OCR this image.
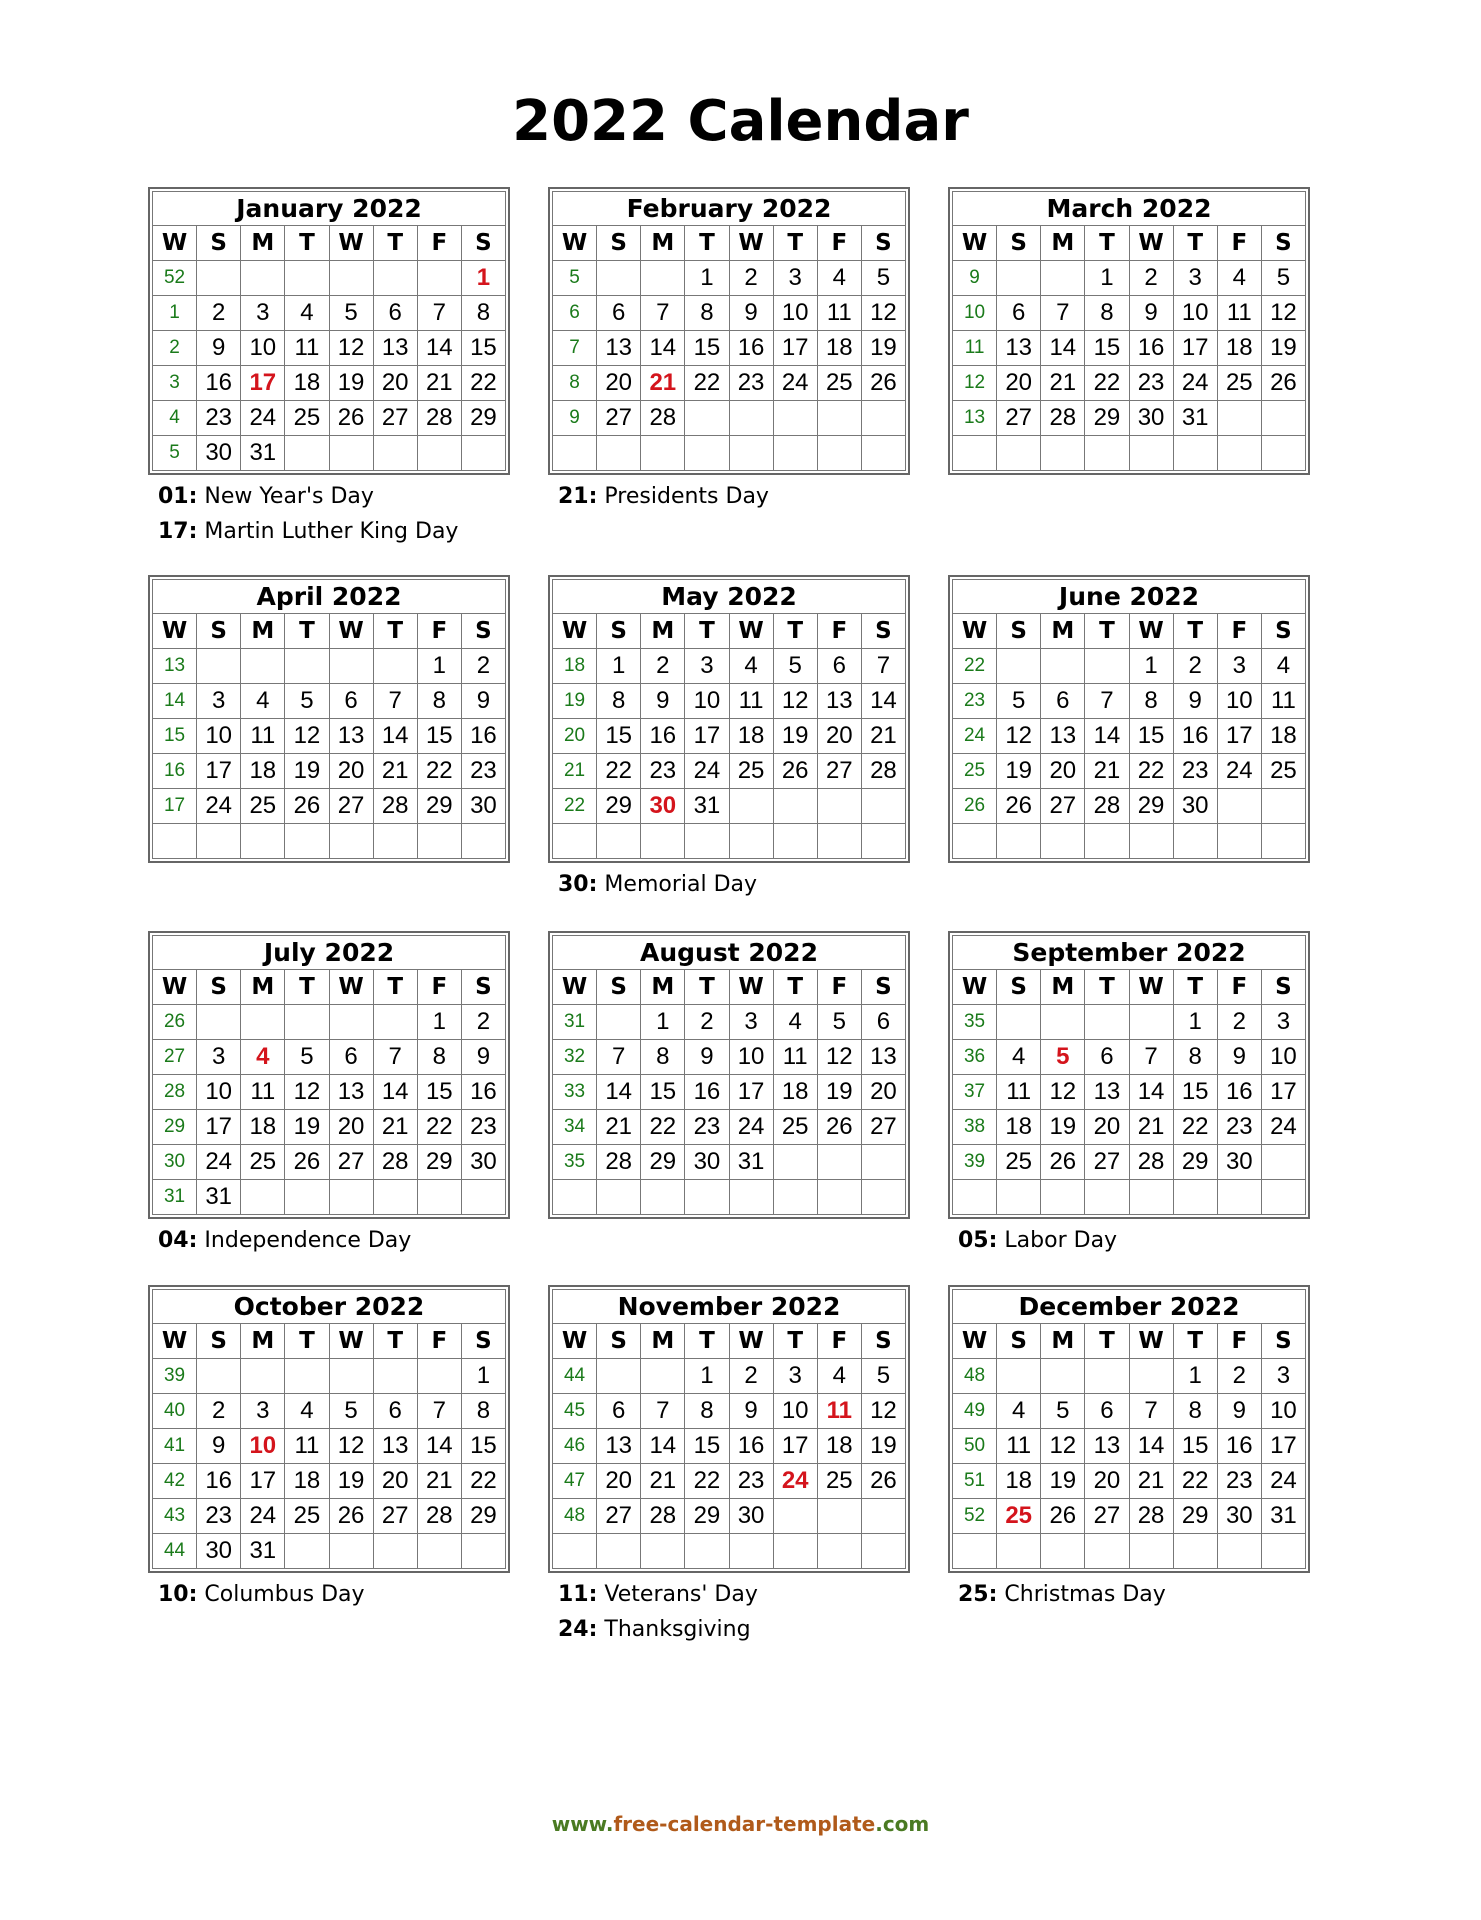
2022 Calendar
January 2022							
W	S	M	T	W	T	F	S
52							1
1	2	3	4	5	6	7	8
2	9	10	11	12	13	14	15
3	16	17	18	19	20	21	22
4	23	24	25	26	27	28	29
5	30	31					
01: New Year's Day
17: Martin Luther King Day
February 2022							
W	S	M	T	W	T	F	S
5			1	2	3	4	5
6	6	7	8	9	10	11	12
7	13	14	15	16	17	18	19
8	20	21	22	23	24	25	26
9	27	28					

21: Presidents Day
March 2022							
W	S	M	T	W	T	F	S
9			1	2	3	4	5
10	6	7	8	9	10	11	12
11	13	14	15	16	17	18	19
12	20	21	22	23	24	25	26
13	27	28	29	30	31		

April 2022							
W	S	M	T	W	T	F	S
13						1	2
14	3	4	5	6	7	8	9
15	10	11	12	13	14	15	16
16	17	18	19	20	21	22	23
17	24	25	26	27	28	29	30

May 2022							
W	S	M	T	W	T	F	S
18	1	2	3	4	5	6	7
19	8	9	10	11	12	13	14
20	15	16	17	18	19	20	21
21	22	23	24	25	26	27	28
22	29	30	31				

30: Memorial Day
June 2022							
W	S	M	T	W	T	F	S
22				1	2	3	4
23	5	6	7	8	9	10	11
24	12	13	14	15	16	17	18
25	19	20	21	22	23	24	25
26	26	27	28	29	30		

July 2022							
W	S	M	T	W	T	F	S
26						1	2
27	3	4	5	6	7	8	9
28	10	11	12	13	14	15	16
29	17	18	19	20	21	22	23
30	24	25	26	27	28	29	30
31	31						
04: Independence Day
August 2022							
W	S	M	T	W	T	F	S
31		1	2	3	4	5	6
32	7	8	9	10	11	12	13
33	14	15	16	17	18	19	20
34	21	22	23	24	25	26	27
35	28	29	30	31			

September 2022							
W	S	M	T	W	T	F	S
35					1	2	3
36	4	5	6	7	8	9	10
37	11	12	13	14	15	16	17
38	18	19	20	21	22	23	24
39	25	26	27	28	29	30	

05: Labor Day
October 2022							
W	S	M	T	W	T	F	S
39							1
40	2	3	4	5	6	7	8
41	9	10	11	12	13	14	15
42	16	17	18	19	20	21	22
43	23	24	25	26	27	28	29
44	30	31					
10: Columbus Day
November 2022							
W	S	M	T	W	T	F	S
44			1	2	3	4	5
45	6	7	8	9	10	11	12
46	13	14	15	16	17	18	19
47	20	21	22	23	24	25	26
48	27	28	29	30			

11: Veterans' Day
24: Thanksgiving
December 2022							
W	S	M	T	W	T	F	S
48					1	2	3
49	4	5	6	7	8	9	10
50	11	12	13	14	15	16	17
51	18	19	20	21	22	23	24
52	25	26	27	28	29	30	31

25: Christmas Day
www.free-calendar-template.com
